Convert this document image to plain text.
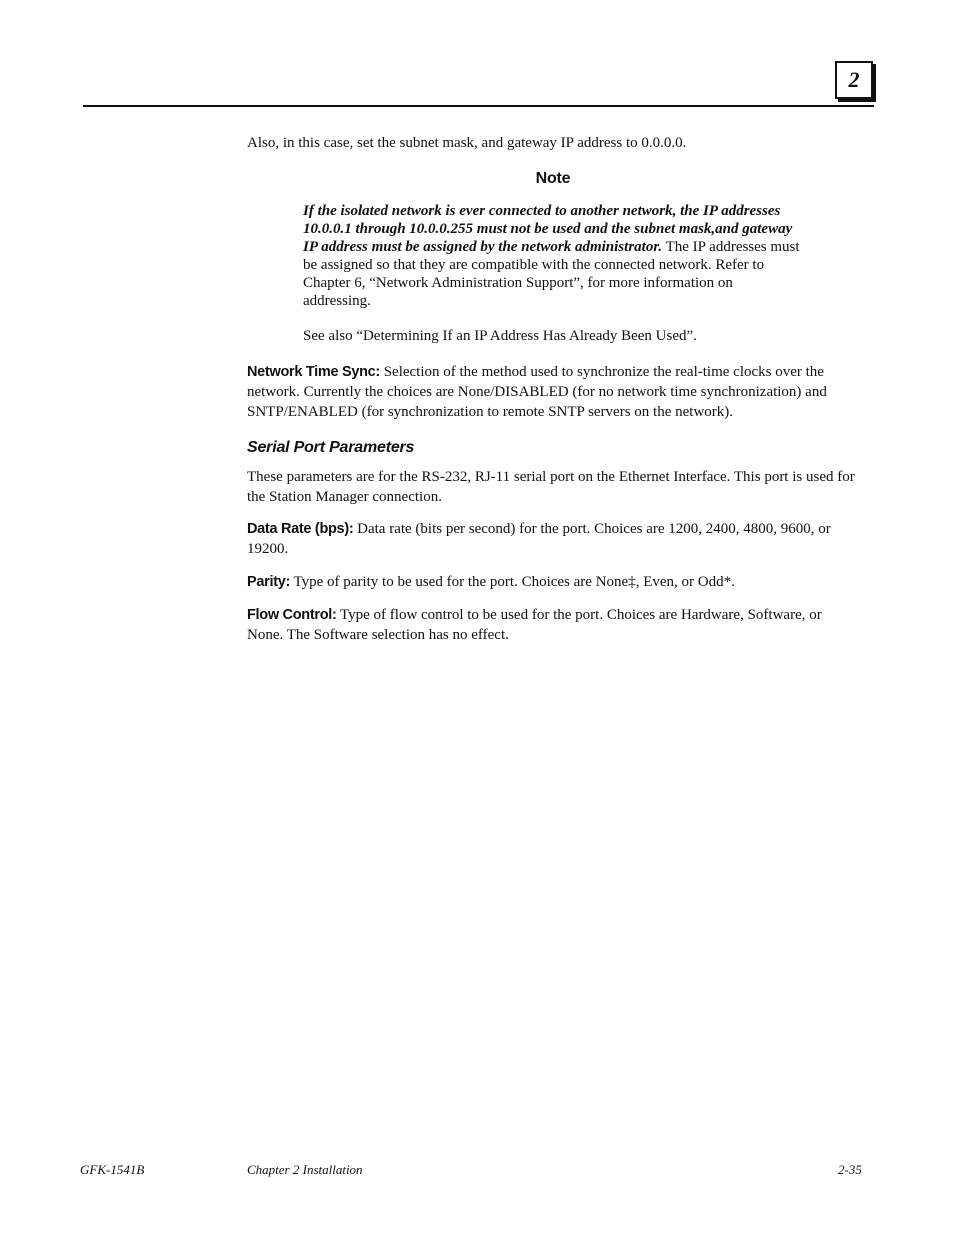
2

Also, in this case, set the subnet mask, and gateway IP address to 0.0.0.0.

Note

If the isolated network is ever connected to another network, the IP addresses 10.0.0.1 through 10.0.0.255 must not be used and the subnet mask,and gateway IP address must be assigned by the network administrator. The IP addresses must be assigned so that they are compatible with the connected network. Refer to Chapter 6, “Network Administration Support”, for more information on addressing.

See also “Determining If an IP Address Has Already Been Used”.

Network Time Sync: Selection of the method used to synchronize the real-time clocks over the network. Currently the choices are None/DISABLED (for no network time synchronization) and SNTP/ENABLED (for synchronization to remote SNTP servers on the network).

Serial Port Parameters

These parameters are for the RS-232, RJ-11 serial port on the Ethernet Interface. This port is used for the Station Manager connection.

Data Rate (bps): Data rate (bits per second) for the port. Choices are 1200, 2400, 4800, 9600, or 19200.

Parity: Type of parity to be used for the port. Choices are None‡, Even, or Odd*.

Flow Control: Type of flow control to be used for the port. Choices are Hardware, Software, or None. The Software selection has no effect.

GFK-1541B	Chapter 2 Installation	2-35
